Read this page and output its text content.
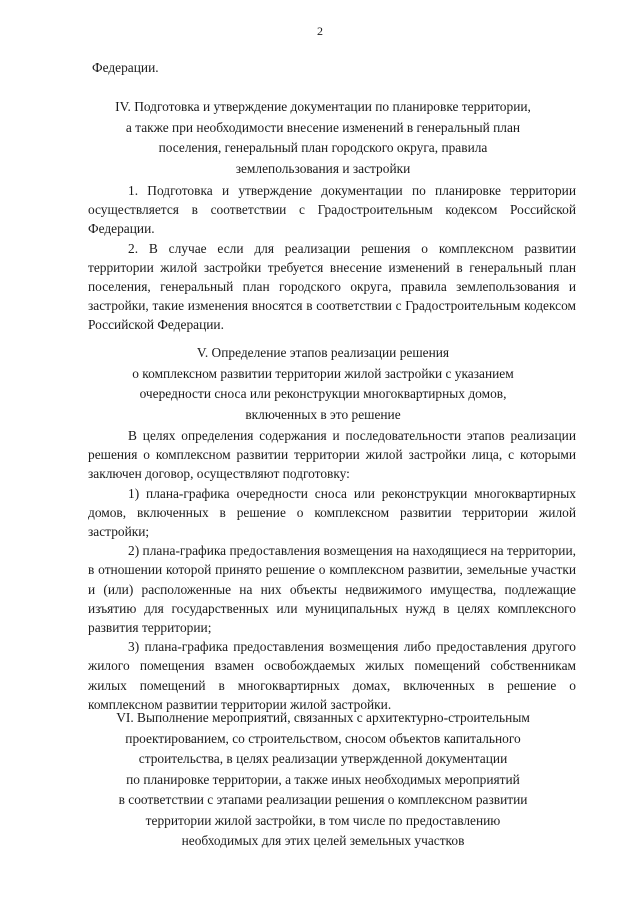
2
Федерации.
IV. Подготовка и утверждение документации по планировке территории,
а также при необходимости внесение изменений в генеральный план
поселения, генеральный план городского округа, правила
землепользования и застройки

1. Подготовка и утверждение документации по планировке территории осуществляется в соответствии с Градостроительным кодексом Российской Федерации.

2. В случае если для реализации решения о комплексном развитии территории жилой застройки требуется внесение изменений в генеральный план поселения, генеральный план городского округа, правила землепользования и застройки, такие изменения вносятся в соответствии с Градостроительным кодексом Российской Федерации.

V. Определение этапов реализации решения
о комплексном развитии территории жилой застройки с указанием
очередности сноса или реконструкции многоквартирных домов,
включенных в это решение

В целях определения содержания и последовательности этапов реализации решения о комплексном развитии территории жилой застройки лица, с которыми заключен договор, осуществляют подготовку:

1) плана-графика очередности сноса или реконструкции многоквартирных домов, включенных в решение о комплексном развитии территории жилой застройки;

2) плана-графика предоставления возмещения на находящиеся на территории, в отношении которой принято решение о комплексном развитии, земельные участки и (или) расположенные на них объекты недвижимого имущества, подлежащие изъятию для государственных или муниципальных нужд в целях комплексного развития территории;

3) плана-графика предоставления возмещения либо предоставления другого жилого помещения взамен освобождаемых жилых помещений собственникам жилых помещений в многоквартирных домах, включенных в решение о комплексном развитии территории жилой застройки.

VI. Выполнение мероприятий, связанных с архитектурно-строительным
проектированием, со строительством, сносом объектов капитального
строительства, в целях реализации утвержденной документации
по планировке территории, а также иных необходимых мероприятий
в соответствии с этапами реализации решения о комплексном развитии
территории жилой застройки, в том числе по предоставлению
необходимых для этих целей земельных участков
